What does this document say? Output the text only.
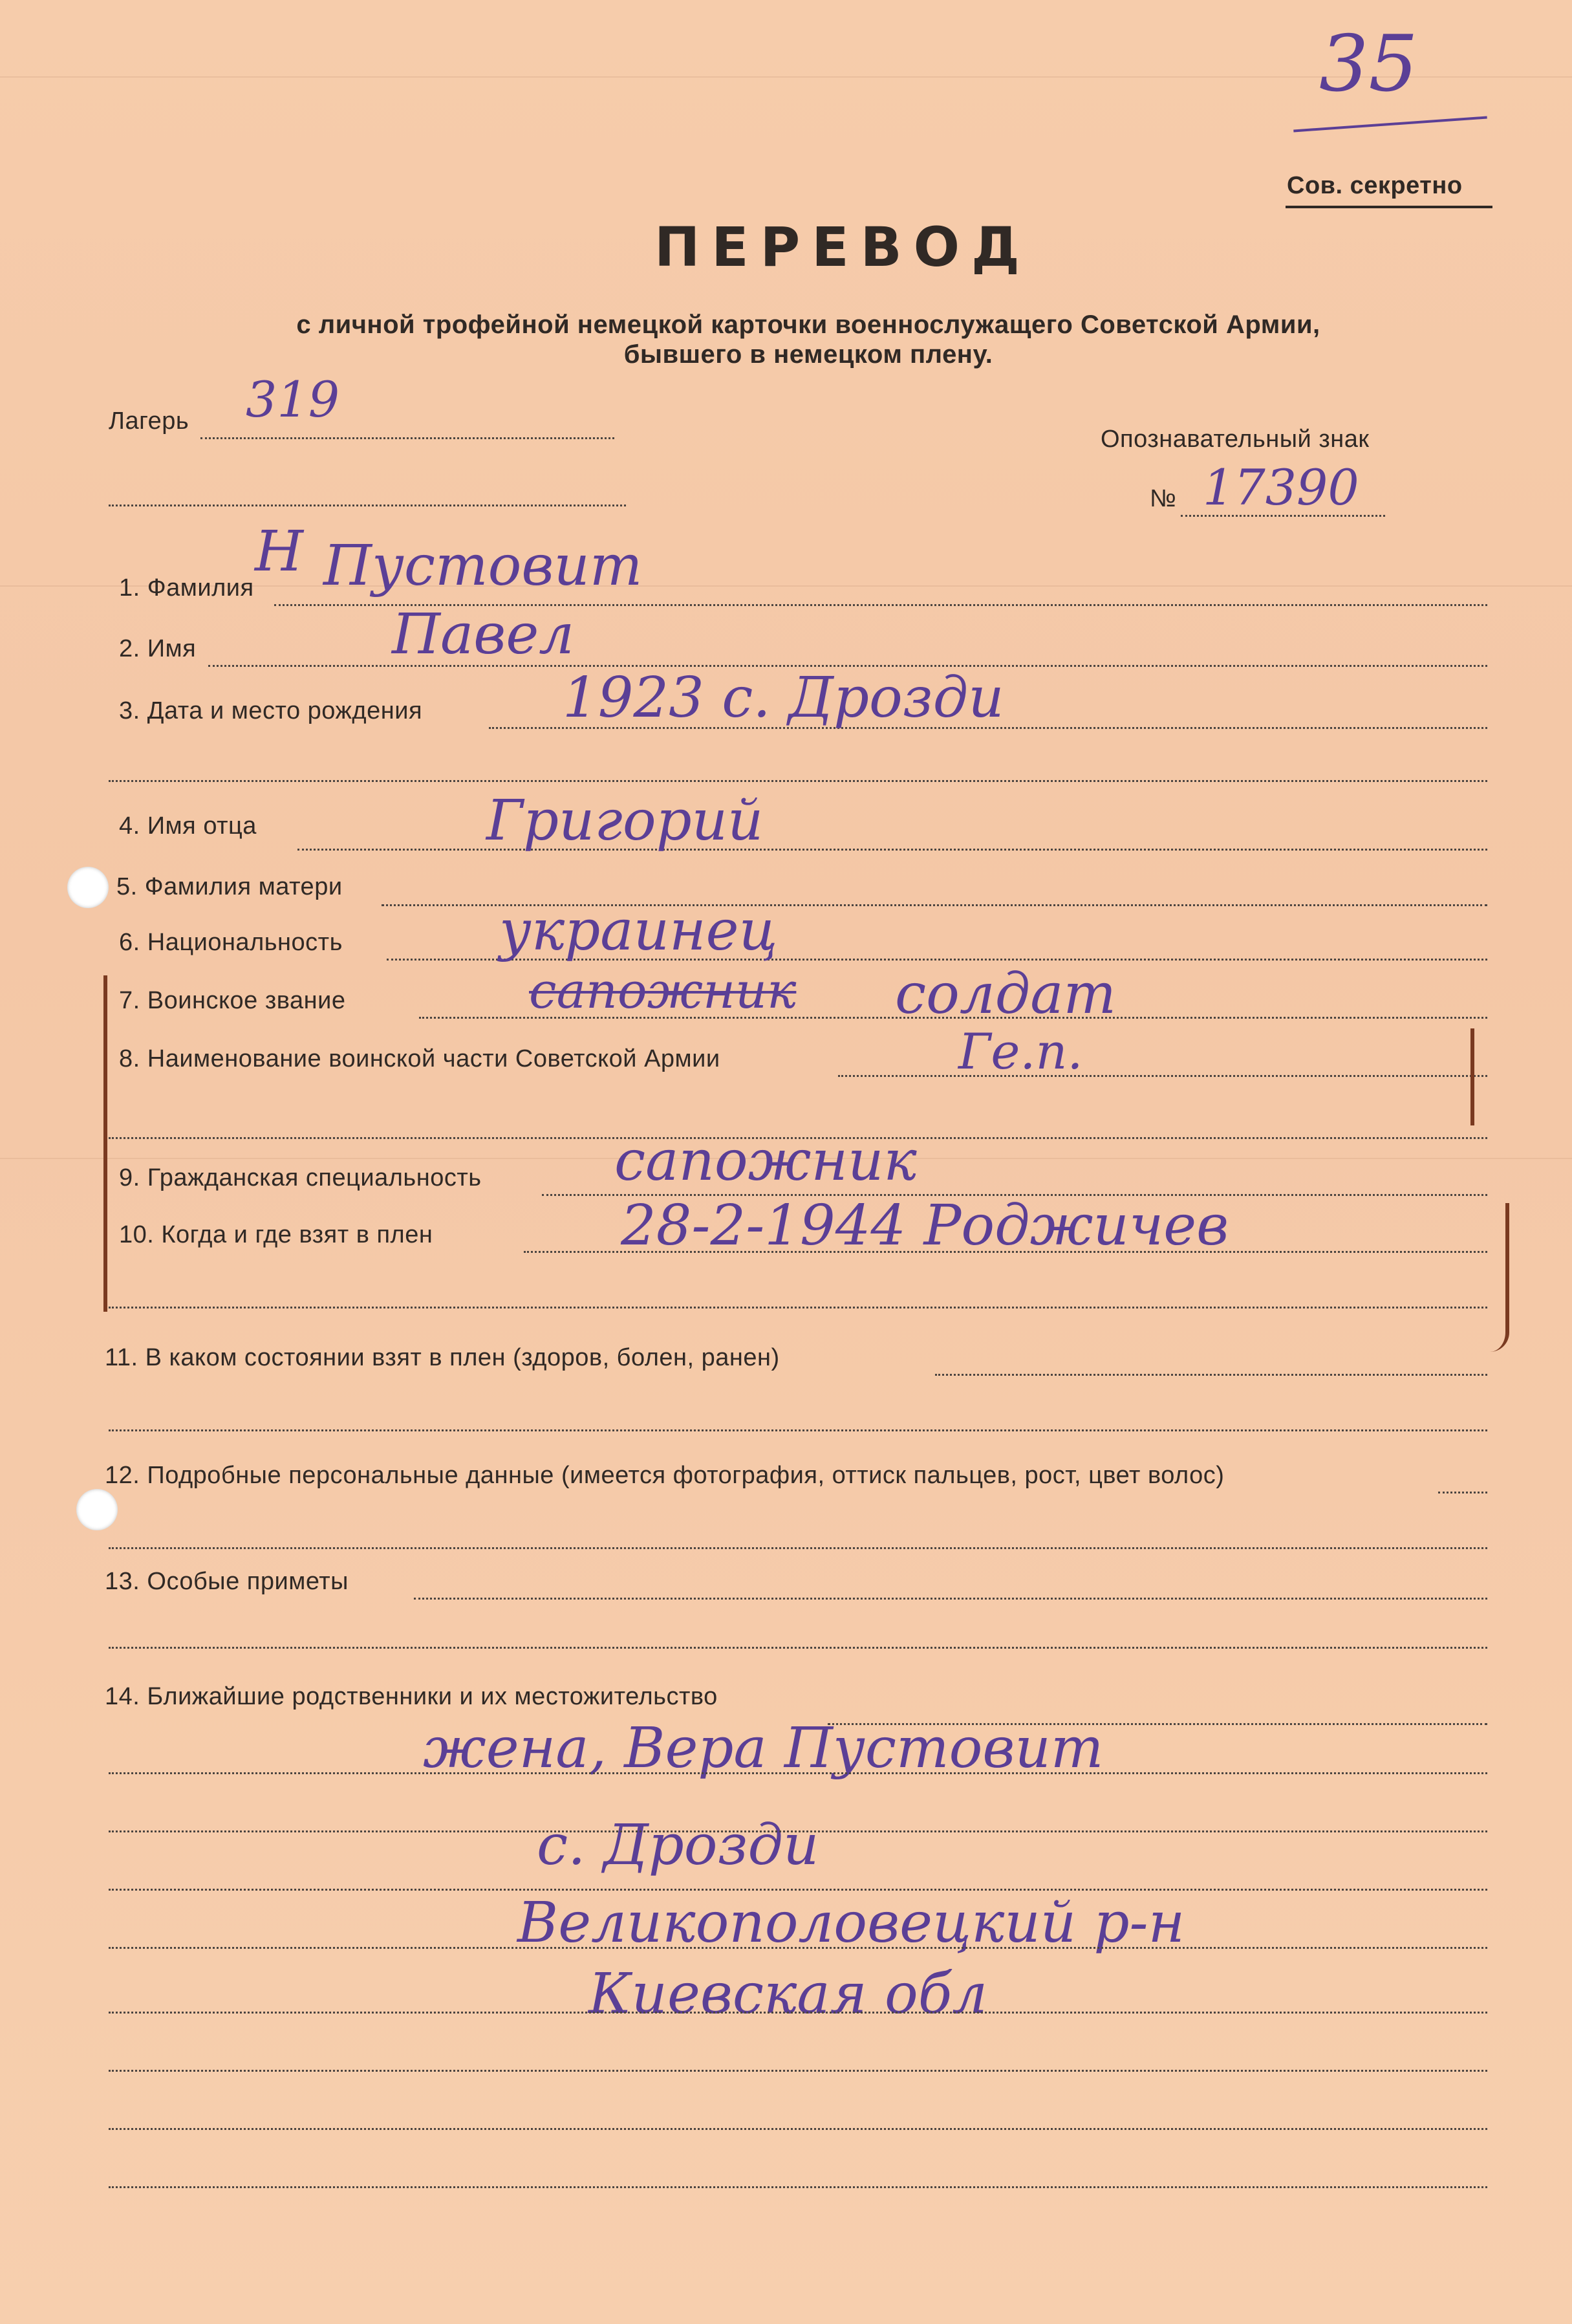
35
Сов. секретно
ПЕРЕВОД
с личной трофейной немецкой карточки военнослужащего Советской Армии,
бывшего в немецком плену.
Лагерь 319
Опознавательный знак
№ 17390
1. Фамилия
Н Пустовит
2. Имя	Павел
3. Дата и место рождения	1923 с. Дрозди
4. Имя отца	Григорий
5. Фамилия матери
6. Национальность	украинец
7. Воинское звание	сапожник солдат
8. Наименование воинской части Советской Армии	Ге.п.
9. Гражданская специальность сапожник
10. Когда и где взят в плен	28-2-1944 Роджичев
11. В каком состоянии взят в плен (здоров, болен, ранен)
12. Подробные персональные данные (имеется фотография, оттиск пальцев, рост, цвет волос)
13. Особые приметы
14. Ближайшие родственники и их местожительство
жена, Вера Пустовит
с. Дрозди
Великополовецкий р-н
Киевская обл
